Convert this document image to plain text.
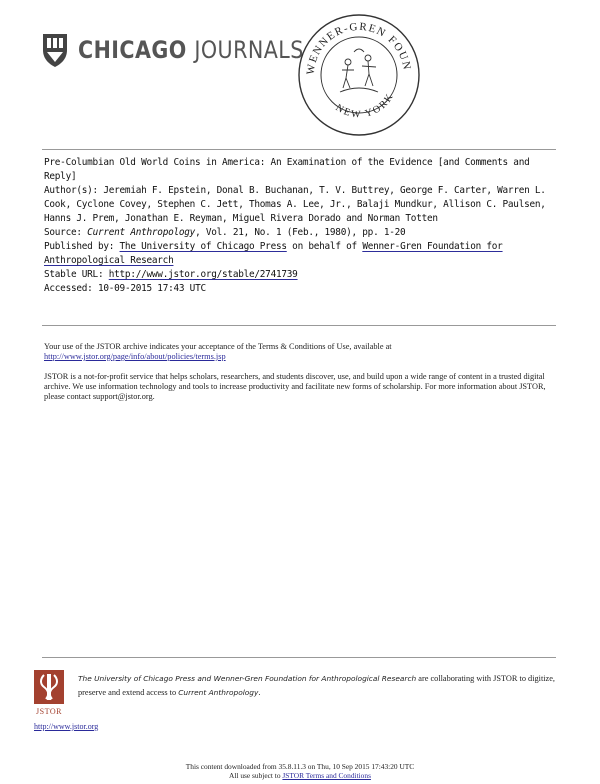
CHICAGO JOURNALS
WENNER-GREN FOUN
NEW YORK

Pre-Columbian Old World Coins in America: An Examination of the Evidence [and Comments and Reply]

Author(s): Jeremiah F. Epstein, Donal B. Buchanan, T. V. Buttrey, George F. Carter, Warren L. Cook, Cyclone Covey, Stephen C. Jett, Thomas A. Lee, Jr., Balaji Mundkur, Allison C. Paulsen, Hanns J. Prem, Jonathan E. Reyman, Miguel Rivera Dorado and Norman Totten

Source: Current Anthropology, Vol. 21, No. 1 (Feb., 1980), pp. 1-20

Published by: The University of Chicago Press on behalf of Wenner-Gren Foundation for Anthropological Research

Stable URL: http://www.jstor.org/stable/2741739

Accessed: 10-09-2015 17:43 UTC

Your use of the JSTOR archive indicates your acceptance of the Terms & Conditions of Use, available at http://www.jstor.org/page/info/about/policies/terms.jsp

JSTOR is a not-for-profit service that helps scholars, researchers, and students discover, use, and build upon a wide range of content in a trusted digital archive. We use information technology and tools to increase productivity and facilitate new forms of scholarship. For more information about JSTOR, please contact support@jstor.org.

JSTOR
The University of Chicago Press and Wenner-Gren Foundation for Anthropological Research are collaborating with JSTOR to digitize, preserve and extend access to Current Anthropology.
http://www.jstor.org
This content downloaded from 35.8.11.3 on Thu, 10 Sep 2015 17:43:20 UTC
All use subject to JSTOR Terms and Conditions
